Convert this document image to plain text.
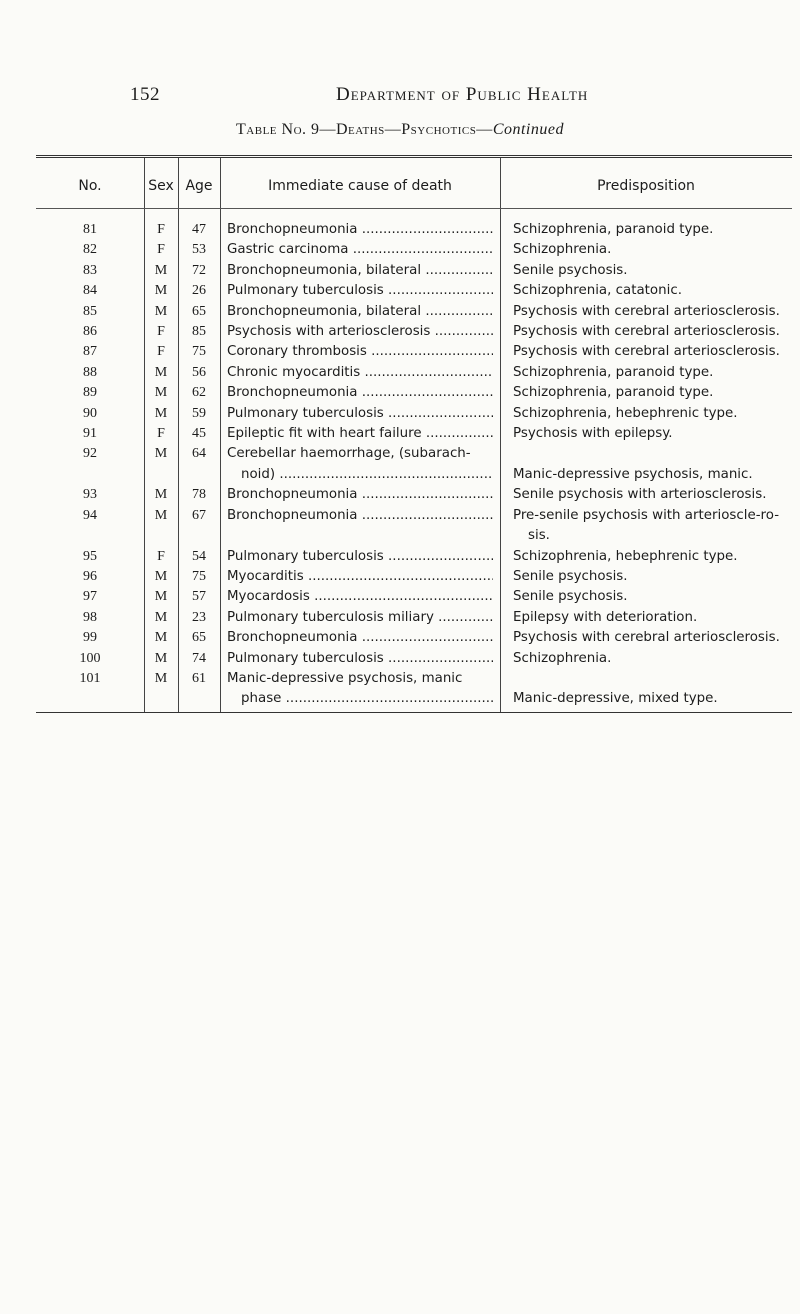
152	Department of Public Health
Table No. 9—Deaths—Psychotics—Continued
No.	Sex Age	Immediate cause of death	Predisposition
81	F	47	Bronchopneumonia .....	Schizophrenia, paranoid type.
82	F	53	Gastric carcinoma .....	Schizophrenia.
83	M	72	Bronchopneumonia, bilateral .....	Senile psychosis.
84	M	26	Pulmonary tuberculosis .....	Schizophrenia, catatonic.
85	M	65	Bronchopneumonia, bilateral .....	Psychosis with cerebral arteriosclerosis.
86	F	85	Psychosis with arteriosclerosis .....	Psychosis with cerebral arteriosclerosis.
87	F	75	Coronary thrombosis .....	Psychosis with cerebral arteriosclerosis.
88	M	56	Chronic myocarditis .....	Schizophrenia, paranoid type.
89	M	62	Bronchopneumonia .....	Schizophrenia, paranoid type.
90	M	59	Pulmonary tuberculosis .....	Schizophrenia, hebephrenic type.
91	F	45	Epileptic fit with heart failure .....	Psychosis with epilepsy.
92	M	64	Cerebellar haemorrhage, (subarach-
noid) .....	Manic-depressive psychosis, manic.
93	M	78	Bronchopneumonia .....	Senile psychosis with arteriosclerosis.
94	M	67	Bronchopneumonia .....	Pre-senile psychosis with arterioscle-ro-
sis.
95	F	54	Pulmonary tuberculosis .....	Schizophrenia, hebephrenic type.
96	M	75	Myocarditis .....	Senile psychosis.
97	M	57	Myocardosis .....	Senile psychosis.
98	M	23	Pulmonary tuberculosis miliary .....	Epilepsy with deterioration.
99	M	65	Bronchopneumonia .....	Psychosis with cerebral arteriosclerosis.
100	M	74	Pulmonary tuberculosis .....	Schizophrenia.
101	M	61	Manic-depressive psychosis, manic
phase .....	Manic-depressive, mixed type.
